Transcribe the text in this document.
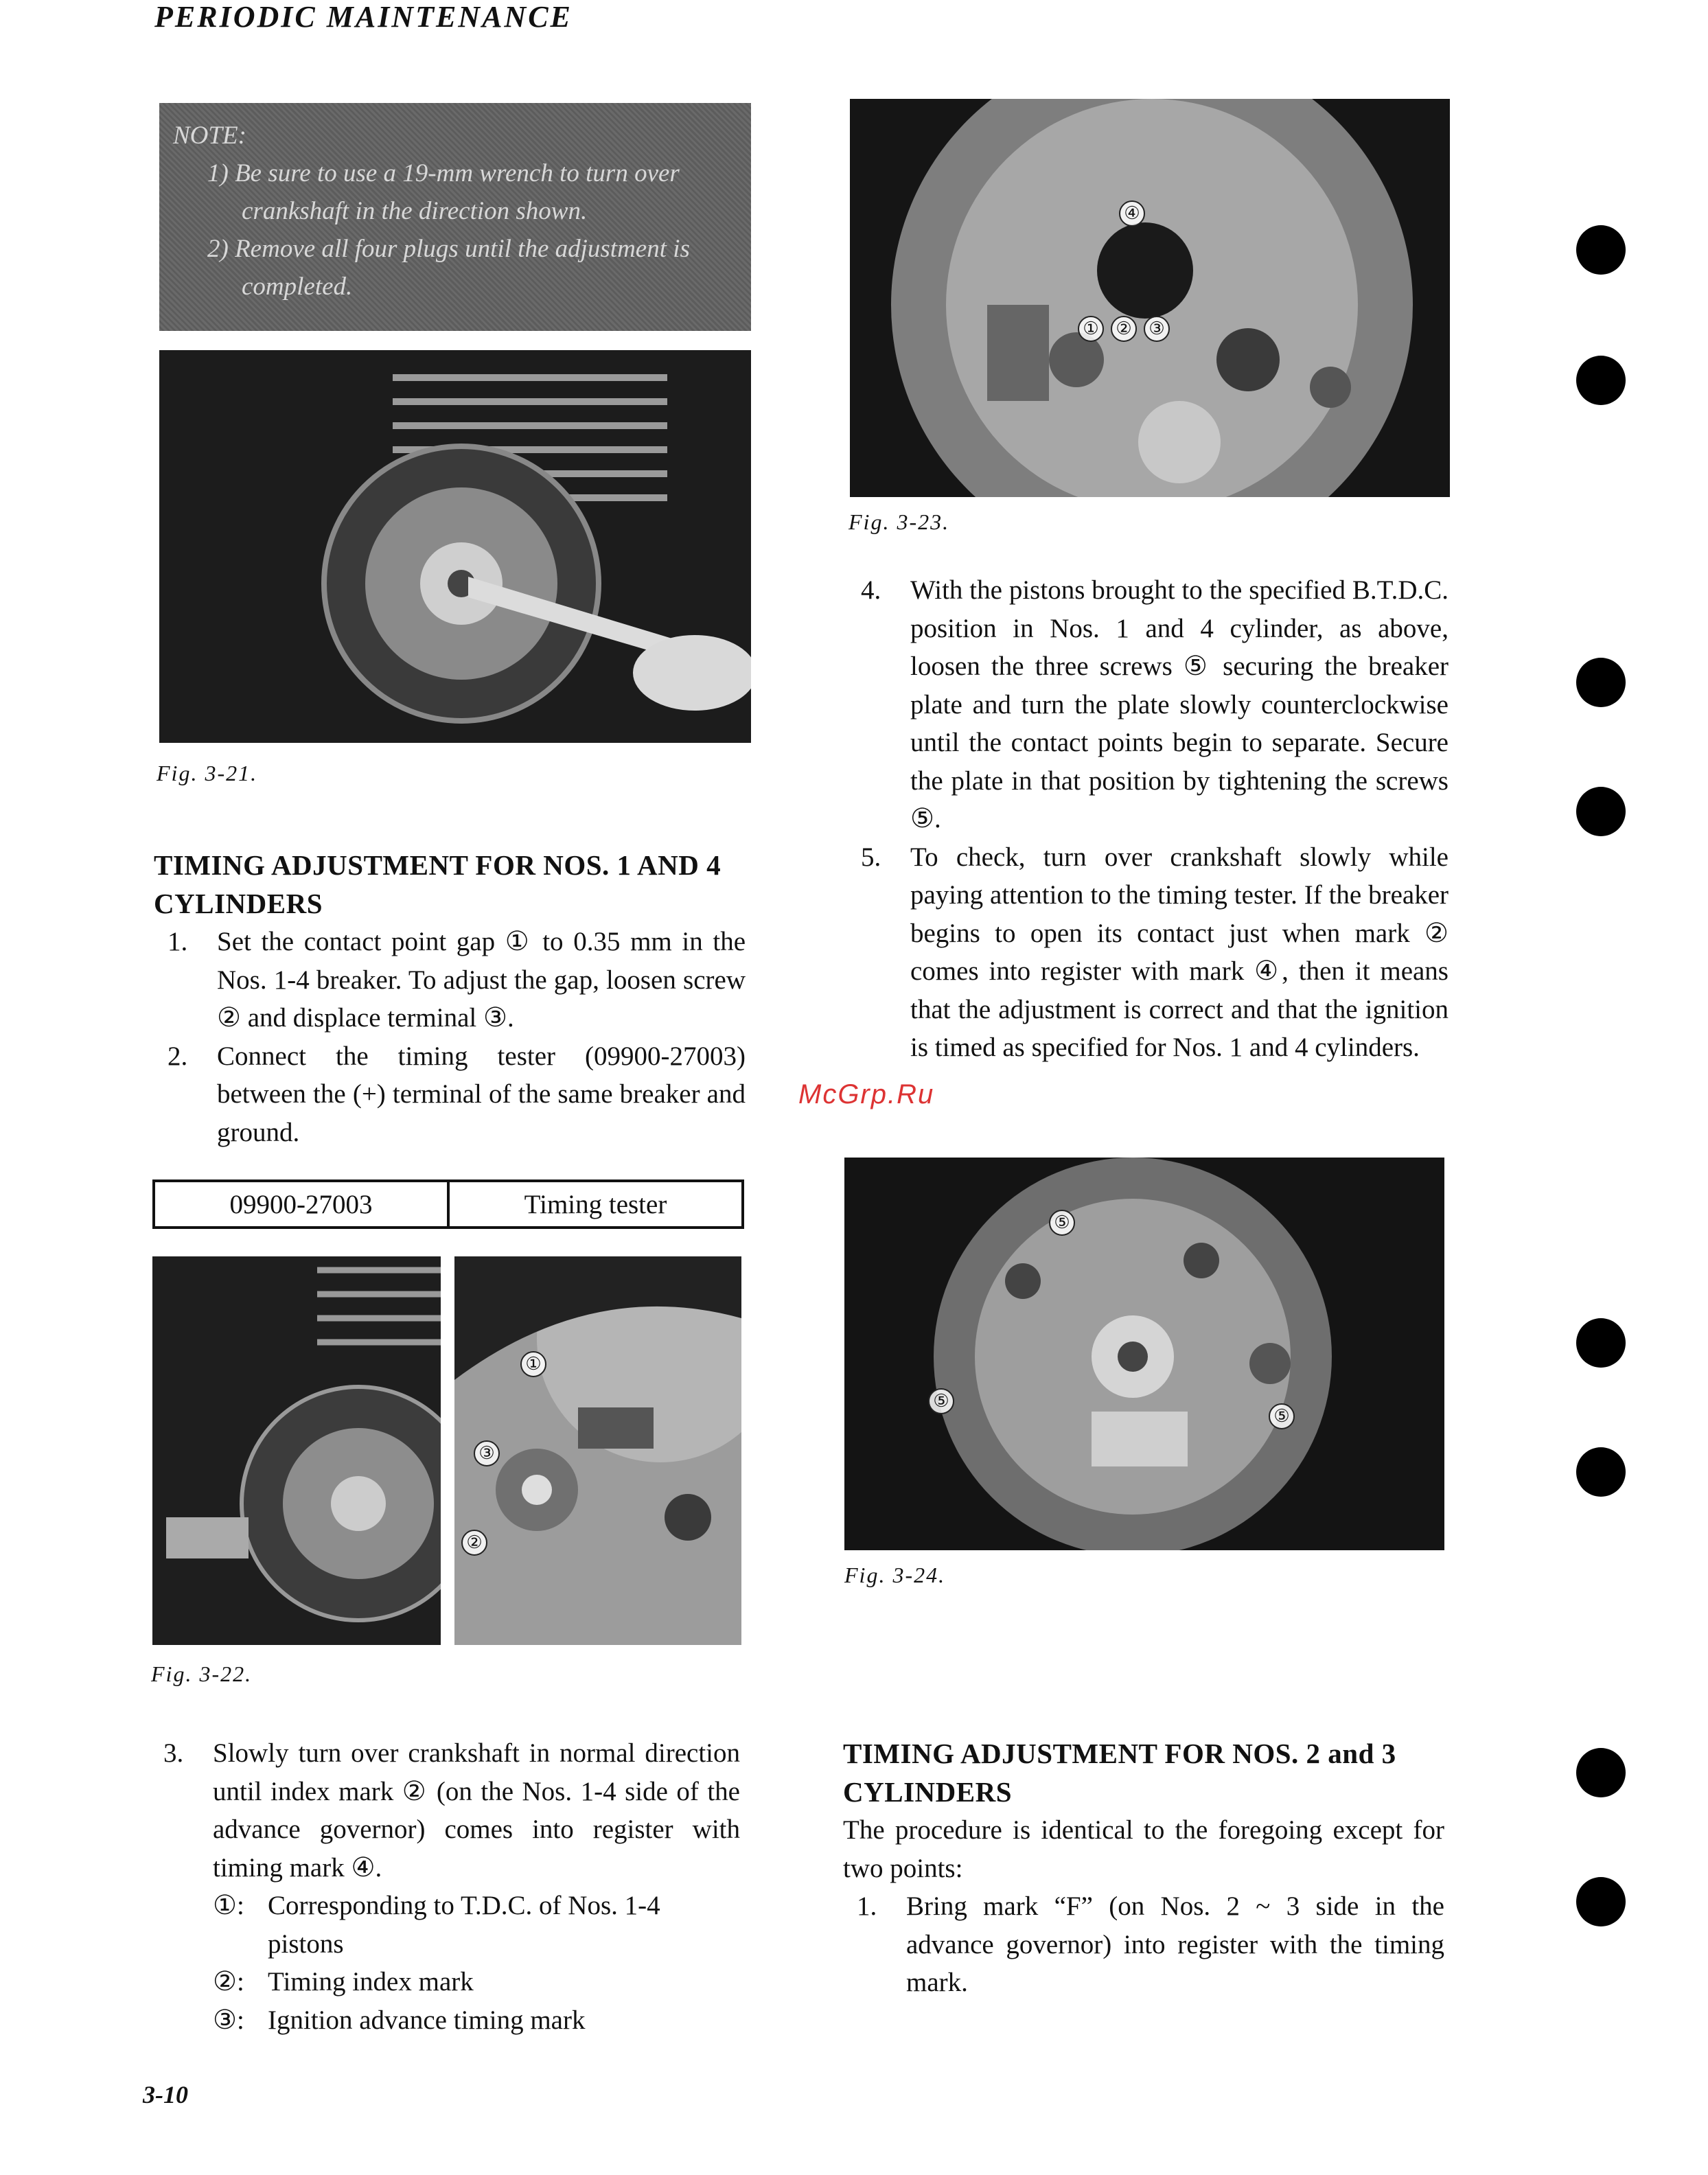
PERIODIC MAINTENANCE
NOTE:
1) Be sure to use a 19-mm wrench to turn over crankshaft in the direction shown.
2) Remove all four plugs until the adjustment is completed.
Fig. 3-21.
TIMING ADJUSTMENT FOR NOS. 1 AND 4 CYLINDERS
1. Set the contact point gap ① to 0.35 mm in the Nos. 1-4 breaker. To adjust the gap, loosen screw ② and displace terminal ③.
2. Connect the timing tester (09900-27003) between the (+) terminal of the same breaker and ground.
09900-27003	Timing tester
①
③
②
Fig. 3-22.
3. Slowly turn over crankshaft in normal direction until index mark ② (on the Nos. 1-4 side of the advance governor) comes into register with timing mark ④.
①: Corresponding to T.D.C. of Nos. 1-4 pistons
②: Timing index mark
③: Ignition advance timing mark
④
① ② ③
Fig. 3-23.
4. With the pistons brought to the specified B.T.D.C. position in Nos. 1 and 4 cylinder, as above, loosen the three screws ⑤ securing the breaker plate and turn the plate slowly counterclockwise until the contact points begin to separate. Secure the plate in that position by tightening the screws ⑤.
5. To check, turn over crankshaft slowly while paying attention to the timing tester. If the breaker begins to open its contact just when mark ② comes into register with mark ④, then it means that the adjustment is correct and that the ignition is timed as specified for Nos. 1 and 4 cylinders.
McGrp.Ru
⑤
⑤
⑤
Fig. 3-24.
TIMING ADJUSTMENT FOR NOS. 2 and 3 CYLINDERS
The procedure is identical to the foregoing except for two points:
1. Bring mark “F” (on Nos. 2 ~ 3 side in the advance governor) into register with the timing mark.
3-10
